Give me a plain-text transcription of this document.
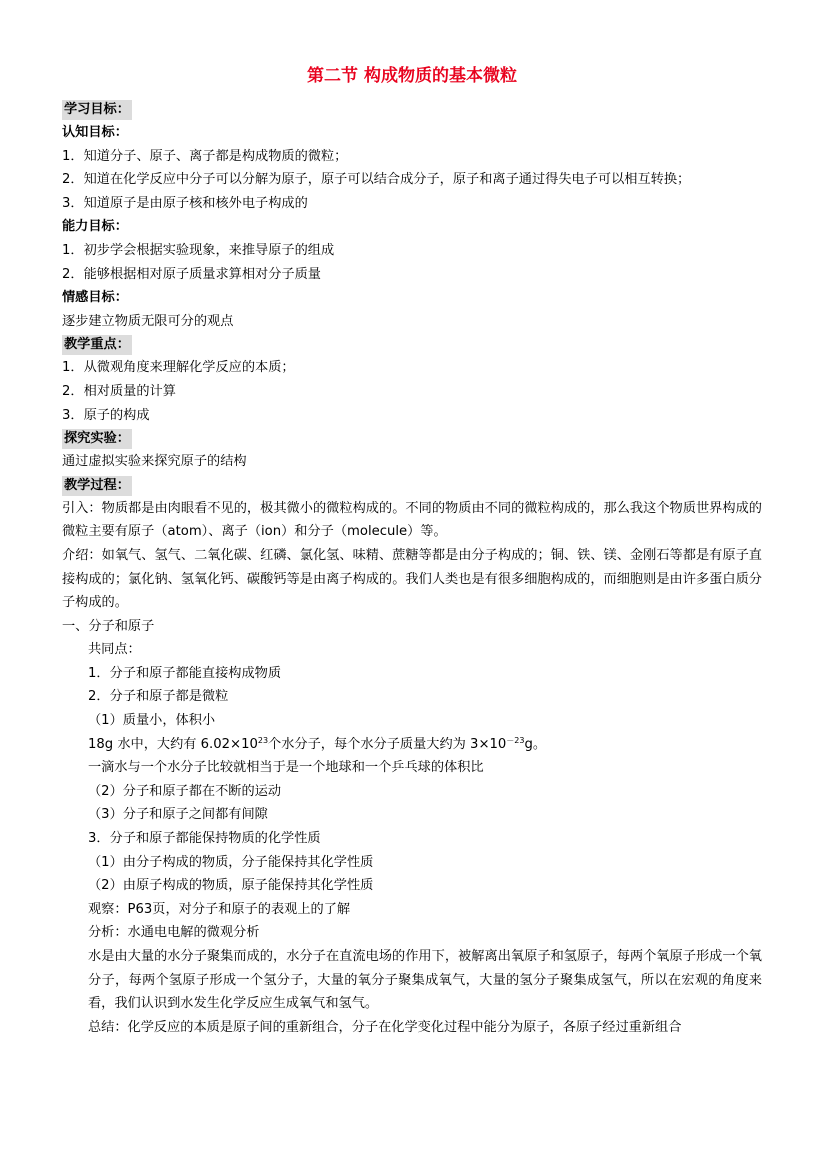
第二节 构成物质的基本微粒
学习目标：
认知目标：
1．知道分子、原子、离子都是构成物质的微粒；
2．知道在化学反应中分子可以分解为原子，原子可以结合成分子，原子和离子通过得失电子可以相互转换；
3．知道原子是由原子核和核外电子构成的
能力目标：
1．初步学会根据实验现象，来推导原子的组成
2．能够根据相对原子质量求算相对分子质量
情感目标：
逐步建立物质无限可分的观点
教学重点：
1．从微观角度来理解化学反应的本质；
2．相对质量的计算
3．原子的构成
探究实验：
通过虚拟实验来探究原子的结构
教学过程：
引入：物质都是由肉眼看不见的，极其微小的微粒构成的。不同的物质由不同的微粒构成的，那么我这个物质世界构成的微粒主要有原子（atom）、离子（ion）和分子（molecule）等。
介绍：如氧气、氢气、二氧化碳、红磷、氯化氢、味精、蔗糖等都是由分子构成的；铜、铁、镁、金刚石等都是有原子直接构成的；氯化钠、氢氧化钙、碳酸钙等是由离子构成的。我们人类也是有很多细胞构成的，而细胞则是由许多蛋白质分子构成的。
一、分子和原子
共同点：
1．分子和原子都能直接构成物质
2．分子和原子都是微粒
（1）质量小，体积小
18g 水中，大约有 $6.02\times 10^{23}$个水分子，每个水分子质量大约为 $3\times 10^{-23}g$。
一滴水与一个水分子比较就相当于是一个地球和一个乒乓球的体积比
（2）分子和原子都在不断的运动
（3）分子和原子之间都有间隙
3．分子和原子都能保持物质的化学性质
（1）由分子构成的物质，分子能保持其化学性质
（2）由原子构成的物质，原子能保持其化学性质
观察：P63页，对分子和原子的表观上的了解
分析：水通电电解的微观分析
水是由大量的水分子聚集而成的，水分子在直流电场的作用下，被解离出氧原子和氢原子，每两个氧原子形成一个氧分子，每两个氢原子形成一个氢分子，大量的氧分子聚集成氧气，大量的氢分子聚集成氢气，所以在宏观的角度来看，我们认识到水发生化学反应生成氧气和氢气。
总结：化学反应的本质是原子间的重新组合，分子在化学变化过程中能分为原子，各原子经过重新组合
